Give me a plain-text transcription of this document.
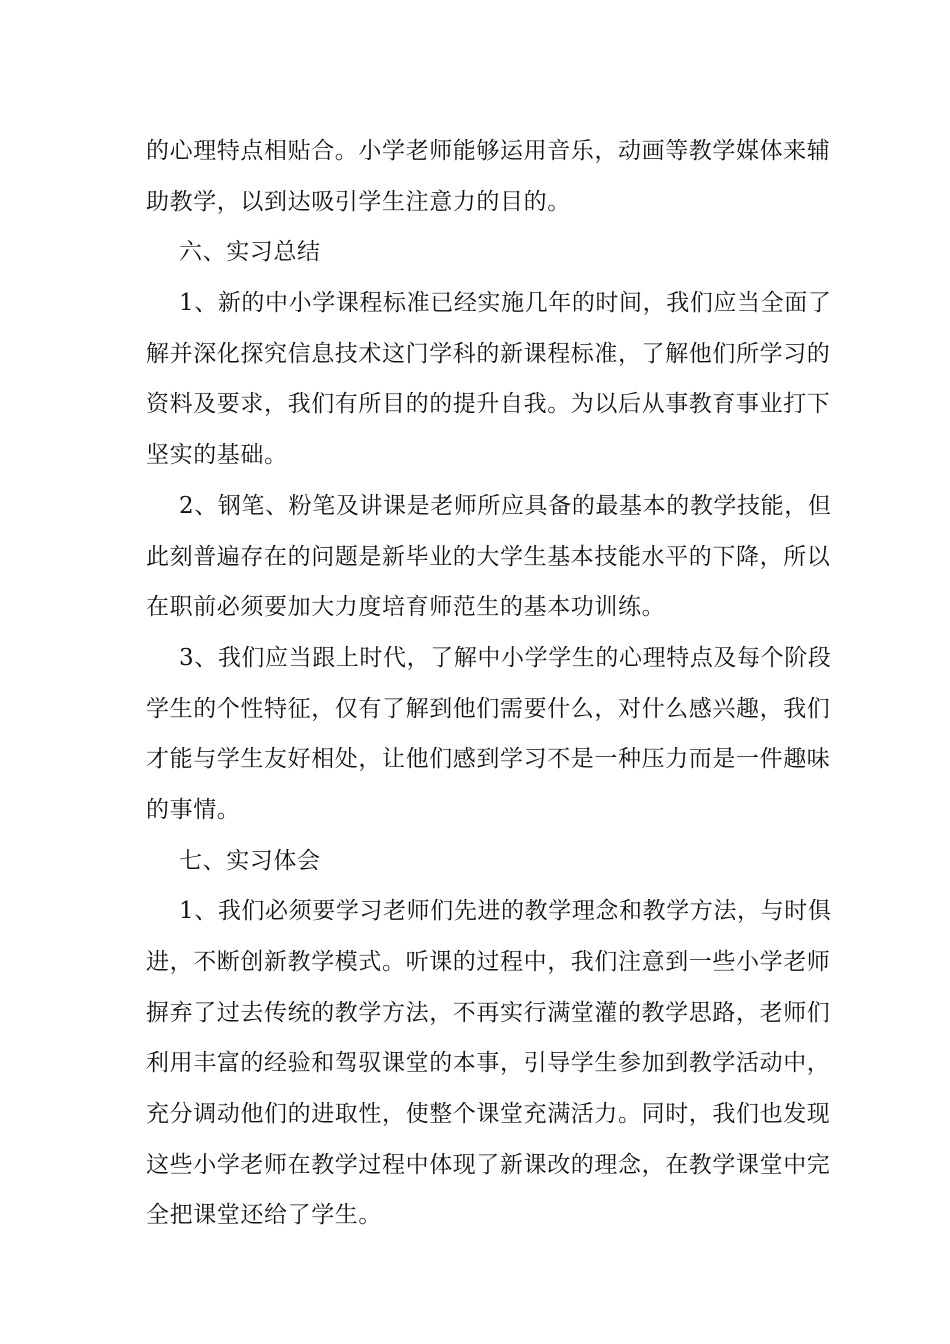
的心理特点相贴合。小学老师能够运用音乐，动画等教学媒体来辅
助教学，以到达吸引学生注意力的目的。
六、实习总结
1、新的中小学课程标准已经实施几年的时间，我们应当全面了
解并深化探究信息技术这门学科的新课程标准，了解他们所学习的
资料及要求，我们有所目的的提升自我。为以后从事教育事业打下
坚实的基础。
2、钢笔、粉笔及讲课是老师所应具备的最基本的教学技能，但
此刻普遍存在的问题是新毕业的大学生基本技能水平的下降，所以
在职前必须要加大力度培育师范生的基本功训练。
3、我们应当跟上时代，了解中小学学生的心理特点及每个阶段
学生的个性特征，仅有了解到他们需要什么，对什么感兴趣，我们
才能与学生友好相处，让他们感到学习不是一种压力而是一件趣味
的事情。
七、实习体会
1、我们必须要学习老师们先进的教学理念和教学方法，与时俱
进，不断创新教学模式。听课的过程中，我们注意到一些小学老师
摒弃了过去传统的教学方法，不再实行满堂灌的教学思路，老师们
利用丰富的经验和驾驭课堂的本事，引导学生参加到教学活动中，
充分调动他们的进取性，使整个课堂充满活力。同时，我们也发现
这些小学老师在教学过程中体现了新课改的理念，在教学课堂中完
全把课堂还给了学生。
